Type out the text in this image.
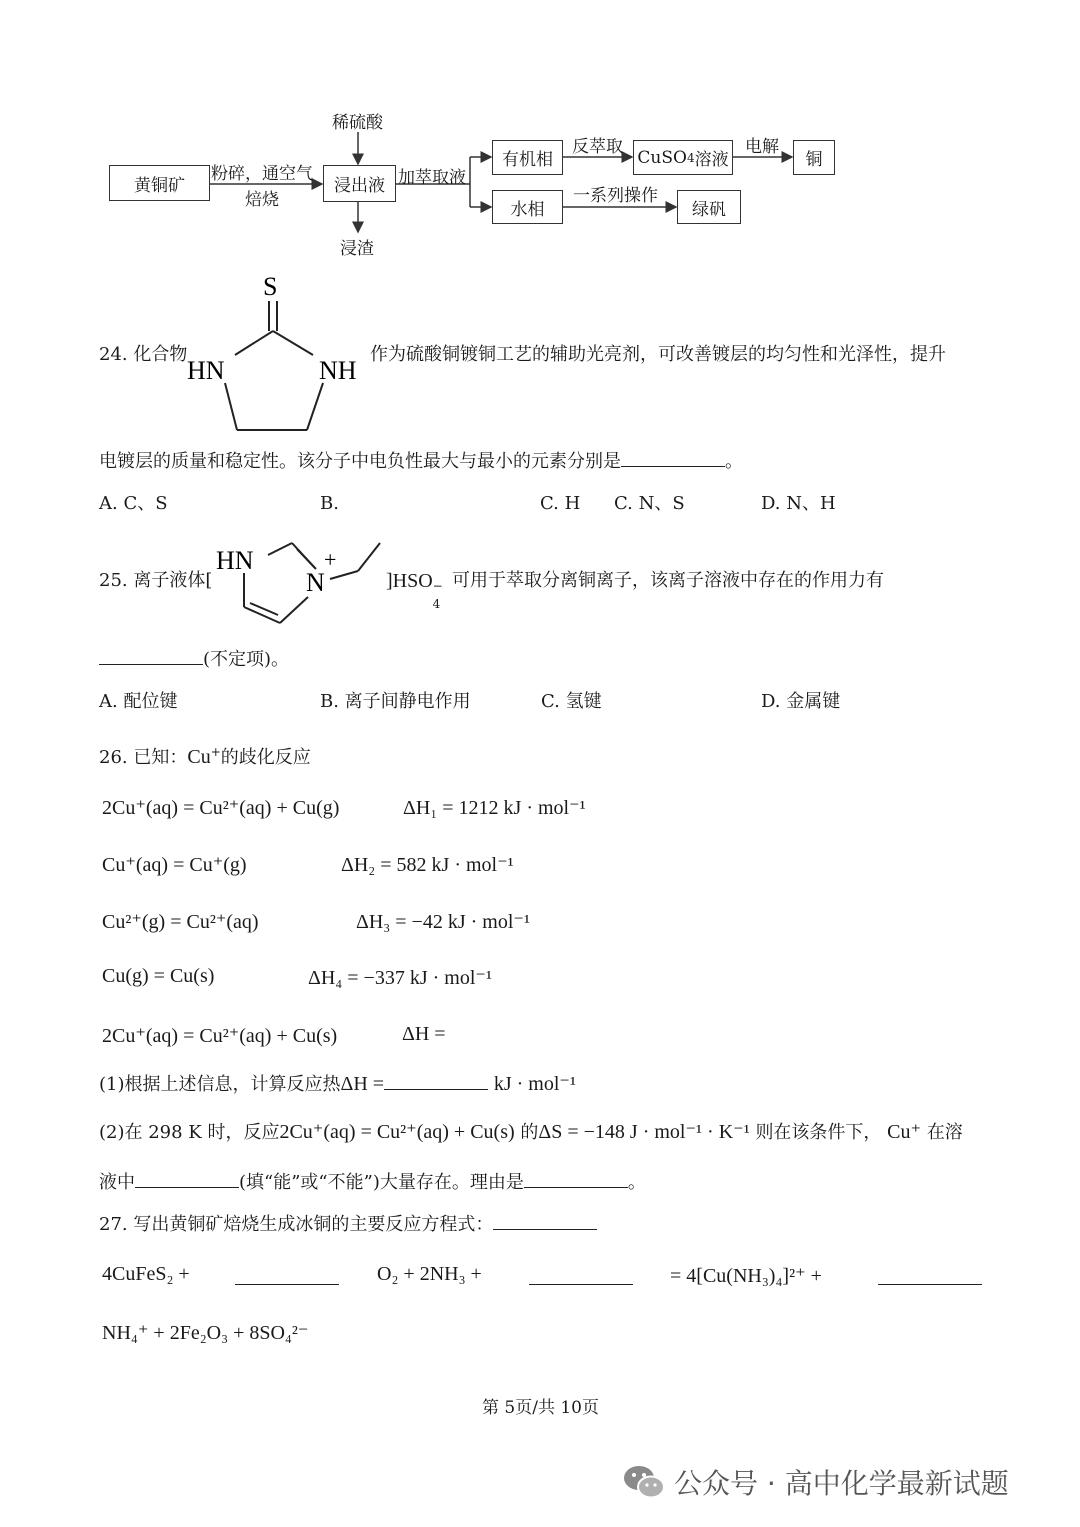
黄铜矿
粉碎，通空气
焙烧
稀硫酸
浸出液
浸渣
加萃取液
有机相
反萃取
CuSO 4 溶液
电解
铜
水相
一系列操作
绿矾
24. 化合物
S
HN	NH
作为硫酸铜镀铜工艺的辅助光亮剂，可改善镀层的均匀性和光泽性，提升
电镀层的质量和稳定性。该分子中电负性最大与最小的元素分别是	。
A. C、S	B.	C. H C. N、S	D. N、H
25. 离子液体[
HN
N
+
]HSO −
4
可用于萃取分离铜离子，该离子溶液中存在的作用力有
(不定项)。
A. 配位键	B. 离子间静电作用	C. 氢键	D. 金属键
26. 已知：Cu+的歧化反应
2Cu⁺(aq) = Cu²⁺(aq) + Cu(g)	ΔH₁ = 1212 kJ · mol⁻¹
Cu⁺(aq) = Cu⁺(g)	ΔH₂ = 582 kJ · mol⁻¹
Cu²⁺(g) = Cu²⁺(aq)	ΔH₃ = −42 kJ · mol⁻¹
Cu(g) = Cu(s)	ΔH₄ = −337 kJ · mol⁻¹
2Cu⁺(aq) = Cu²⁺(aq) + Cu(s)	ΔH =
(1)根据上述信息，计算反应热ΔH =	kJ · mol⁻¹
(2)在 298 K 时，反应2Cu⁺(aq) = Cu²⁺(aq) + Cu(s) 的ΔS = −148 J · mol⁻¹ · K⁻¹ 则在该条件下， Cu⁺ 在溶
液中	(填“能”或“不能”)大量存在。理由是	。
27. 写出黄铜矿焙烧生成冰铜的主要反应方程式：
4CuFeS₂ +	O₂ + 2NH₃ +	= 4[Cu(NH₃)₄]²⁺ +
NH₄⁺ + 2Fe₂O₃ + 8SO₄²⁻
第 5页/共 10页
公众号 · 高中化学最新试题
